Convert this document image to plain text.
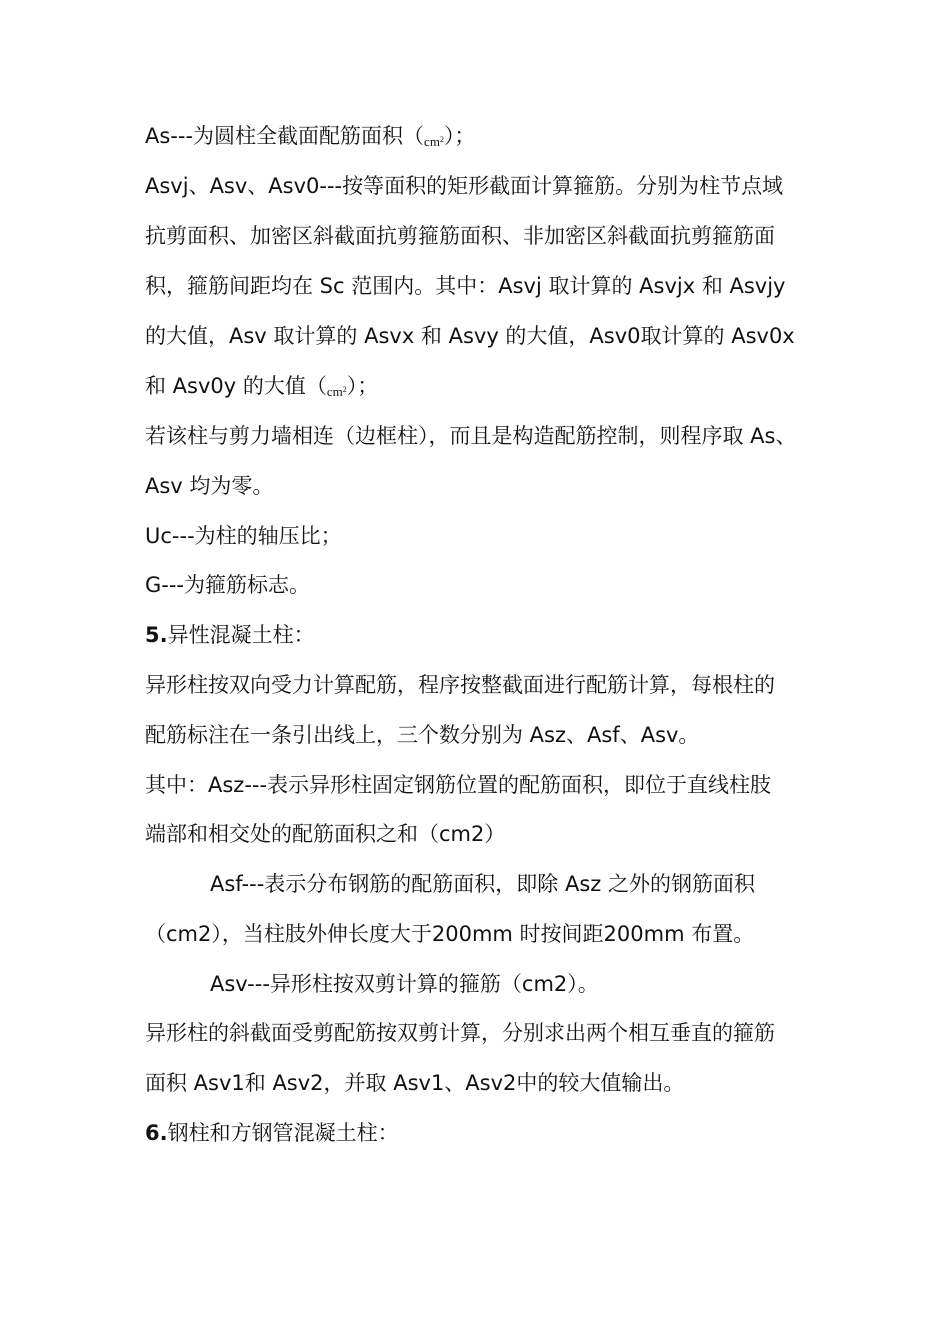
As---为圆柱全截面配筋面积$(cm^2)$；
Asvj、Asv、Asv0---按等面积的矩形截面计算箍筋。分别为柱节点域
抗剪面积、加密区斜截面抗剪箍筋面积、非加密区斜截面抗剪箍筋面
积，箍筋间距均在 Sc 范围内。其中：Asvj 取计算的 Asvjx 和 Asvjy
的大值，Asv 取计算的 Asvx 和 Asvy 的大值，Asv0取计算的 Asv0x
和 Asv0y 的大值$(cm^2)$；
若该柱与剪力墙相连（边框柱），而且是构造配筋控制，则程序取 As、
Asv 均为零。
Uc---为柱的轴压比；
G---为箍筋标志。
5.异性混凝土柱：
异形柱按双向受力计算配筋，程序按整截面进行配筋计算，每根柱的
配筋标注在一条引出线上，三个数分别为 Asz、Asf、Asv。
其中：Asz---表示异形柱固定钢筋位置的配筋面积，即位于直线柱肢
端部和相交处的配筋面积之和（cm2）
Asf---表示分布钢筋的配筋面积，即除 Asz 之外的钢筋面积
（cm2），当柱肢外伸长度大于200mm 时按间距200mm 布置。
Asv---异形柱按双剪计算的箍筋（cm2）。
异形柱的斜截面受剪配筋按双剪计算，分别求出两个相互垂直的箍筋
面积 Asv1和 Asv2，并取 Asv1、Asv2中的较大值输出。
6.钢柱和方钢管混凝土柱：
